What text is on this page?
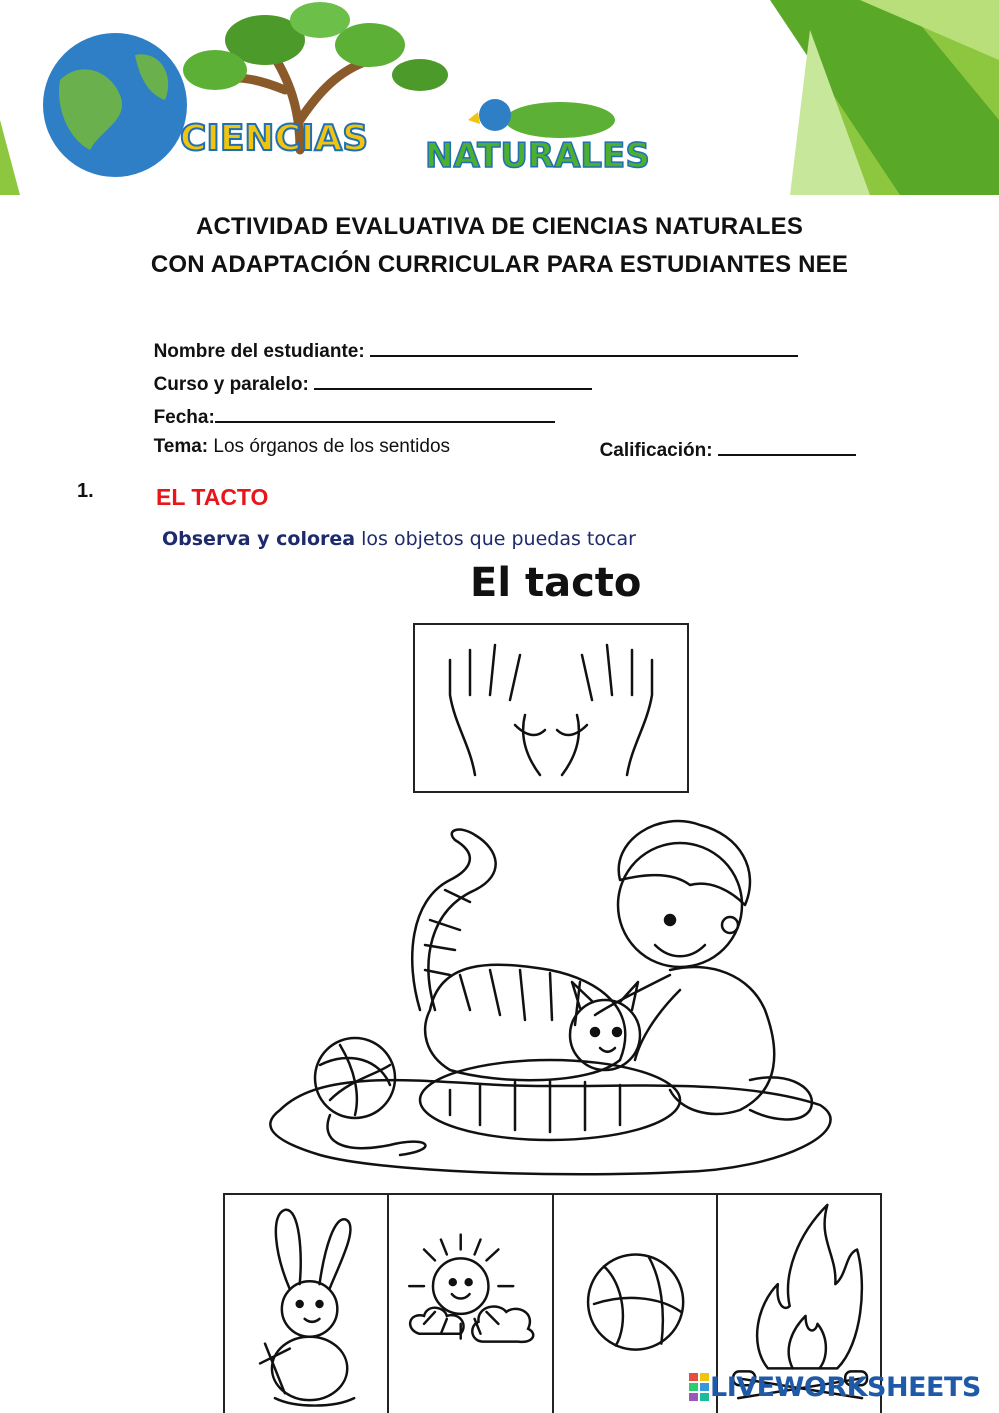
CIENCIAS NATURALES
ACTIVIDAD EVALUATIVA DE CIENCIAS NATURALES
CON ADAPTACIÓN CURRICULAR PARA ESTUDIANTES NEE

Nombre del estudiante:

Curso y paralelo:

Fecha:

Tema: Los órganos de los sentidos	Calificación:

1.	EL TACTO
Observa y colorea los objetos que puedas tocar
El tacto
LIVEWORKSHEETS
